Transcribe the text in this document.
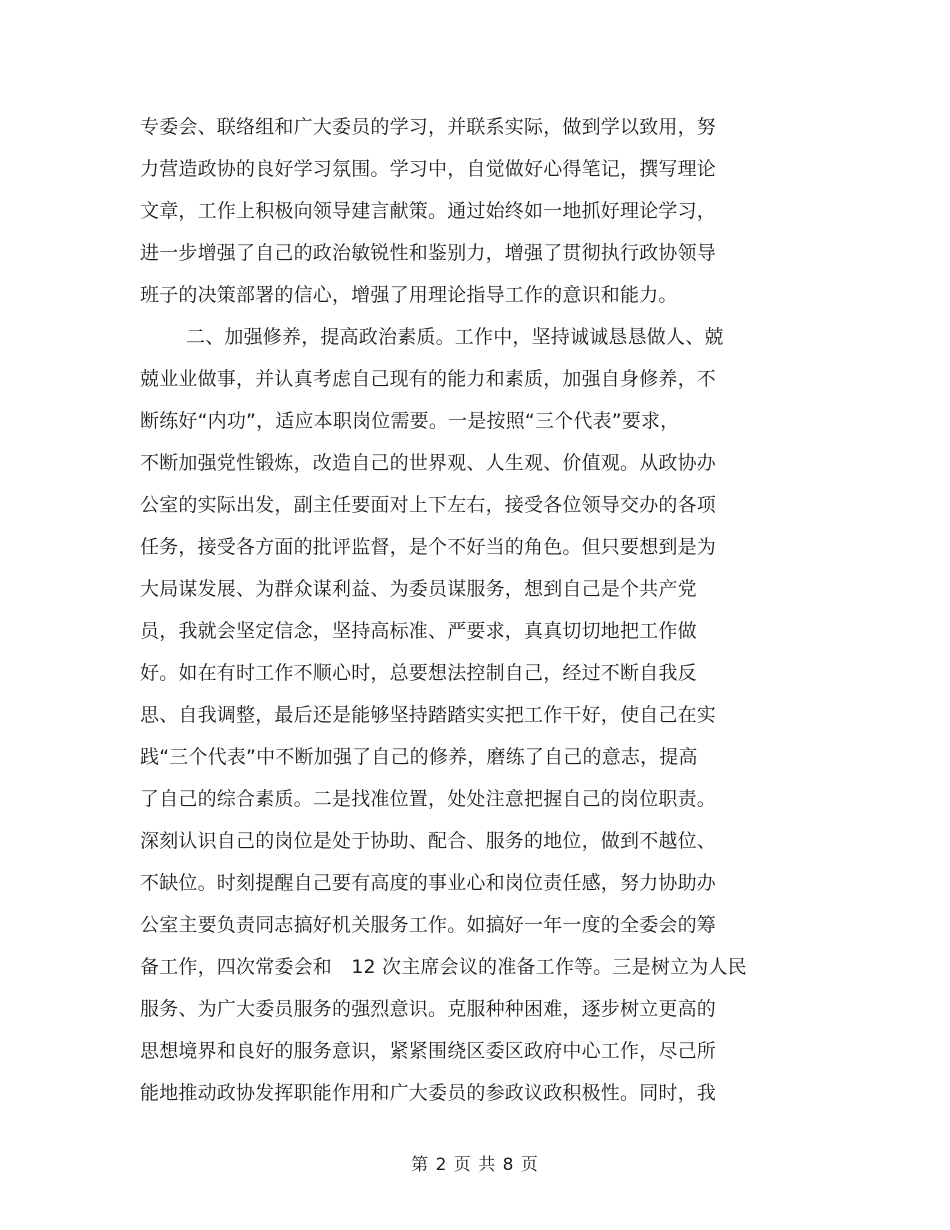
专委会、联络组和广大委员的学习，并联系实际，做到学以致用，努
力营造政协的良好学习氛围。学习中，自觉做好心得笔记，撰写理论
文章，工作上积极向领导建言献策。通过始终如一地抓好理论学习，
进一步增强了自己的政治敏锐性和鉴别力，增强了贯彻执行政协领导
班子的决策部署的信心，增强了用理论指导工作的意识和能力。
二、加强修养，提高政治素质。工作中，坚持诚诚恳恳做人、兢
兢业业做事，并认真考虑自己现有的能力和素质，加强自身修养，不
断练好“内功”，适应本职岗位需要。一是按照“三个代表”要求，
不断加强党性锻炼，改造自己的世界观、人生观、价值观。从政协办
公室的实际出发，副主任要面对上下左右，接受各位领导交办的各项
任务，接受各方面的批评监督，是个不好当的角色。但只要想到是为
大局谋发展、为群众谋利益、为委员谋服务，想到自己是个共产党
员，我就会坚定信念，坚持高标准、严要求，真真切切地把工作做
好。如在有时工作不顺心时，总要想法控制自己，经过不断自我反
思、自我调整，最后还是能够坚持踏踏实实把工作干好，使自己在实
践“三个代表”中不断加强了自己的修养，磨练了自己的意志，提高
了自己的综合素质。二是找准位置，处处注意把握自己的岗位职责。
深刻认识自己的岗位是处于协助、配合、服务的地位，做到不越位、
不缺位。时刻提醒自己要有高度的事业心和岗位责任感，努力协助办
公室主要负责同志搞好机关服务工作。如搞好一年一度的全委会的筹
备工作，四次常委会和　12 次主席会议的准备工作等。三是树立为人民
服务、为广大委员服务的强烈意识。克服种种困难，逐步树立更高的
思想境界和良好的服务意识，紧紧围绕区委区政府中心工作，尽己所
能地推动政协发挥职能作用和广大委员的参政议政积极性。同时，我
第 2 页 共 8 页
